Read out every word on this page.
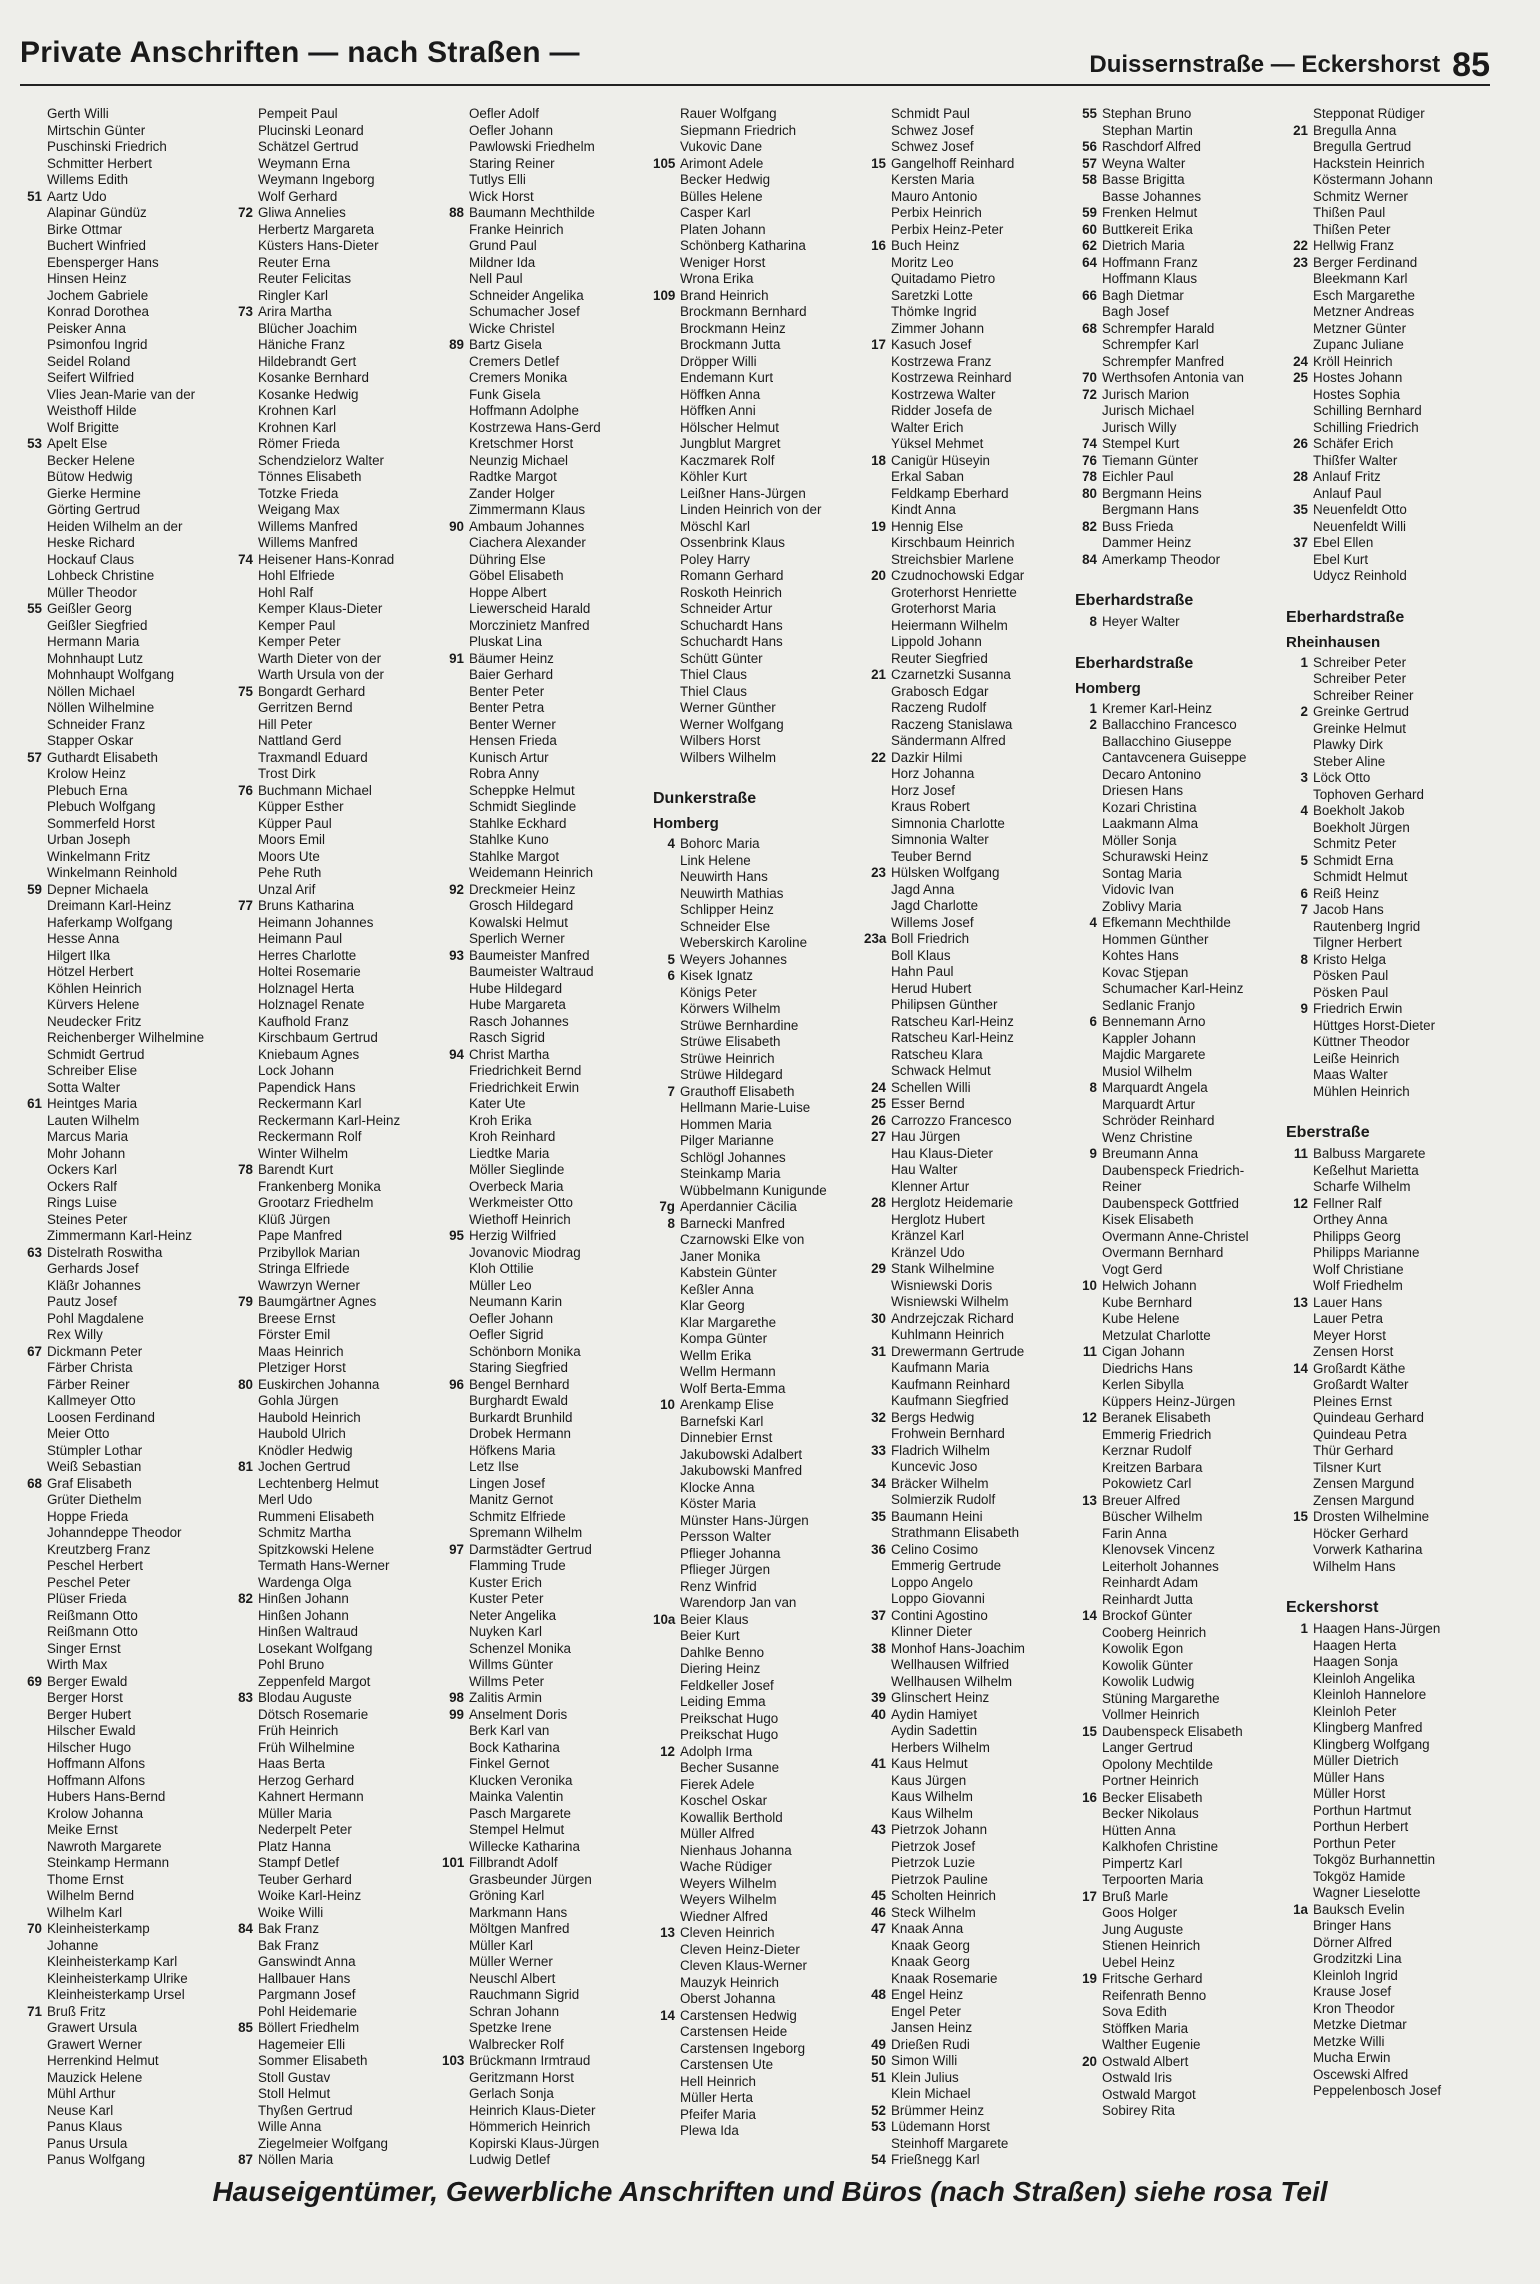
Private Anschriften — nach Straßen —	Duissernstraße — Eckershorst 85
Gerth Willi
Mirtschin Günter
Puschinski Friedrich
Schmitter Herbert
Willems Edith
51 Aartz Udo
Alapinar Gündüz
Birke Ottmar
Buchert Winfried
Ebensperger Hans
Hinsen Heinz
Jochem Gabriele
Konrad Dorothea
Peisker Anna
Psimonfou Ingrid
Seidel Roland
Seifert Wilfried
Vlies Jean-Marie van der
Weisthoff Hilde
Wolf Brigitte
53 Apelt Else
Becker Helene
Bütow Hedwig
Gierke Hermine
Görting Gertrud
Heiden Wilhelm an der
Heske Richard
Hockauf Claus
Lohbeck Christine
Müller Theodor
55 Geißler Georg
Geißler Siegfried
Hermann Maria
Mohnhaupt Lutz
Mohnhaupt Wolfgang
Nöllen Michael
Nöllen Wilhelmine
Schneider Franz
Stapper Oskar
57 Guthardt Elisabeth
Krolow Heinz
Plebuch Erna
Plebuch Wolfgang
Sommerfeld Horst
Urban Joseph
Winkelmann Fritz
Winkelmann Reinhold
59 Depner Michaela
Dreimann Karl-Heinz
Haferkamp Wolfgang
Hesse Anna
Hilgert Ilka
Hötzel Herbert
Köhlen Heinrich
Kürvers Helene
Neudecker Fritz
Reichenberger Wilhelmine
Schmidt Gertrud
Schreiber Elise
Sotta Walter
61 Heintges Maria
Lauten Wilhelm
Marcus Maria
Mohr Johann
Ockers Karl
Ockers Ralf
Rings Luise
Steines Peter
Zimmermann Karl-Heinz
63 Distelrath Roswitha
Gerhards Josef
Kläßr Johannes
Pautz Josef
Pohl Magdalene
Rex Willy
67 Dickmann Peter
Färber Christa
Färber Reiner
Kallmeyer Otto
Loosen Ferdinand
Meier Otto
Stümpler Lothar
Weiß Sebastian
68 Graf Elisabeth
Grüter Diethelm
Hoppe Frieda
Johanndeppe Theodor
Kreutzberg Franz
Peschel Herbert
Peschel Peter
Plüser Frieda
Reißmann Otto
Reißmann Otto
Singer Ernst
Wirth Max
69 Berger Ewald
Berger Horst
Berger Hubert
Hilscher Ewald
Hilscher Hugo
Hoffmann Alfons
Hoffmann Alfons
Hubers Hans-Bernd
Krolow Johanna
Meike Ernst
Nawroth Margarete
Steinkamp Hermann
Thome Ernst
Wilhelm Bernd
Wilhelm Karl
70 Kleinheisterkamp
Johanne
Kleinheisterkamp Karl
Kleinheisterkamp Ulrike
Kleinheisterkamp Ursel
71 Bruß Fritz
Grawert Ursula
Grawert Werner
Herrenkind Helmut
Mauzick Helene
Mühl Arthur
Neuse Karl
Panus Klaus
Panus Ursula
Panus Wolfgang
Pempeit Paul
Plucinski Leonard
Schätzel Gertrud
Weymann Erna
Weymann Ingeborg
Wolf Gerhard
72 Gliwa Annelies
Herbertz Margareta
Küsters Hans-Dieter
Reuter Erna
Reuter Felicitas
Ringler Karl
73 Arira Martha
Blücher Joachim
Häniche Franz
Hildebrandt Gert
Kosanke Bernhard
Kosanke Hedwig
Krohnen Karl
Krohnen Karl
Römer Frieda
Schendzielorz Walter
Tönnes Elisabeth
Totzke Frieda
Weigang Max
Willems Manfred
Willems Manfred
74 Heisener Hans-Konrad
Hohl Elfriede
Hohl Ralf
Kemper Klaus-Dieter
Kemper Paul
Kemper Peter
Warth Dieter von der
Warth Ursula von der
75 Bongardt Gerhard
Gerritzen Bernd
Hill Peter
Nattland Gerd
Traxmandl Eduard
Trost Dirk
76 Buchmann Michael
Küpper Esther
Küpper Paul
Moors Emil
Moors Ute
Pehe Ruth
Unzal Arif
77 Bruns Katharina
Heimann Johannes
Heimann Paul
Herres Charlotte
Holtei Rosemarie
Holznagel Herta
Holznagel Renate
Kaufhold Franz
Kirschbaum Gertrud
Kniebaum Agnes
Lock Johann
Papendick Hans
Reckermann Karl
Reckermann Karl-Heinz
Reckermann Rolf
Winter Wilhelm
78 Barendt Kurt
Frankenberg Monika
Grootarz Friedhelm
Klüß Jürgen
Pape Manfred
Przibyllok Marian
Stringa Elfriede
Wawrzyn Werner
79 Baumgärtner Agnes
Breese Ernst
Förster Emil
Maas Heinrich
Pletziger Horst
80 Euskirchen Johanna
Gohla Jürgen
Haubold Heinrich
Haubold Ulrich
Knödler Hedwig
81 Jochen Gertrud
Lechtenberg Helmut
Merl Udo
Rummeni Elisabeth
Schmitz Martha
Spitzkowski Helene
Termath Hans-Werner
Wardenga Olga
82 Hinßen Johann
Hinßen Johann
Hinßen Waltraud
Losekant Wolfgang
Pohl Bruno
Zeppenfeld Margot
83 Blodau Auguste
Dötsch Rosemarie
Früh Heinrich
Früh Wilhelmine
Haas Berta
Herzog Gerhard
Kahnert Hermann
Müller Maria
Nederpelt Peter
Platz Hanna
Stampf Detlef
Teuber Gerhard
Woike Karl-Heinz
Woike Willi
84 Bak Franz
Bak Franz
Ganswindt Anna
Hallbauer Hans
Pargmann Josef
Pohl Heidemarie
85 Böllert Friedhelm
Hagemeier Elli
Sommer Elisabeth
Stoll Gustav
Stoll Helmut
Thyßen Gertrud
Wille Anna
Ziegelmeier Wolfgang
87 Nöllen Maria
Oefler Adolf
Oefler Johann
Pawlowski Friedhelm
Staring Reiner
Tutlys Elli
Wick Horst
88 Baumann Mechthilde
Franke Heinrich
Grund Paul
Mildner Ida
Nell Paul
Schneider Angelika
Schumacher Josef
Wicke Christel
89 Bartz Gisela
Cremers Detlef
Cremers Monika
Funk Gisela
Hoffmann Adolphe
Kostrzewa Hans-Gerd
Kretschmer Horst
Neunzig Michael
Radtke Margot
Zander Holger
Zimmermann Klaus
90 Ambaum Johannes
Ciachera Alexander
Dühring Else
Göbel Elisabeth
Hoppe Albert
Liewerscheid Harald
Morczinietz Manfred
Pluskat Lina
91 Bäumer Heinz
Baier Gerhard
Benter Peter
Benter Petra
Benter Werner
Hensen Frieda
Kunisch Artur
Robra Anny
Scheppke Helmut
Schmidt Sieglinde
Stahlke Eckhard
Stahlke Kuno
Stahlke Margot
Weidemann Heinrich
92 Dreckmeier Heinz
Grosch Hildegard
Kowalski Helmut
Sperlich Werner
93 Baumeister Manfred
Baumeister Waltraud
Hube Hildegard
Hube Margareta
Rasch Johannes
Rasch Sigrid
94 Christ Martha
Friedrichkeit Bernd
Friedrichkeit Erwin
Kater Ute
Kroh Erika
Kroh Reinhard
Liedtke Maria
Möller Sieglinde
Overbeck Maria
Werkmeister Otto
Wiethoff Heinrich
95 Herzig Wilfried
Jovanovic Miodrag
Kloh Ottilie
Müller Leo
Neumann Karin
Oefler Johann
Oefler Sigrid
Schönborn Monika
Staring Siegfried
96 Bengel Bernhard
Burghardt Ewald
Burkardt Brunhild
Drobek Hermann
Höfkens Maria
Letz Ilse
Lingen Josef
Manitz Gernot
Schmitz Elfriede
Spremann Wilhelm
97 Darmstädter Gertrud
Flamming Trude
Kuster Erich
Kuster Peter
Neter Angelika
Nuyken Karl
Schenzel Monika
Willms Günter
Willms Peter
98 Zalitis Armin
99 Anselment Doris
Berk Karl van
Bock Katharina
Finkel Gernot
Klucken Veronika
Mainka Valentin
Pasch Margarete
Stempel Helmut
Willecke Katharina
101 Fillbrandt Adolf
Grasbeunder Jürgen
Gröning Karl
Markmann Hans
Möltgen Manfred
Müller Karl
Müller Werner
Neuschl Albert
Rauchmann Sigrid
Schran Johann
Spetzke Irene
Walbrecker Rolf
103 Brückmann Irmtraud
Geritzmann Horst
Gerlach Sonja
Heinrich Klaus-Dieter
Hömmerich Heinrich
Kopirski Klaus-Jürgen
Ludwig Detlef
Rauer Wolfgang
Siepmann Friedrich
Vukovic Dane
105 Arimont Adele
Becker Hedwig
Bülles Helene
Casper Karl
Platen Johann
Schönberg Katharina
Weniger Horst
Wrona Erika
109 Brand Heinrich
Brockmann Bernhard
Brockmann Heinz
Brockmann Jutta
Dröpper Willi
Endemann Kurt
Höffken Anna
Höffken Anni
Hölscher Helmut
Jungblut Margret
Kaczmarek Rolf
Köhler Kurt
Leißner Hans-Jürgen
Linden Heinrich von der
Möschl Karl
Ossenbrink Klaus
Poley Harry
Romann Gerhard
Roskoth Heinrich
Schneider Artur
Schuchardt Hans
Schuchardt Hans
Schütt Günter
Thiel Claus
Thiel Claus
Werner Günther
Werner Wolfgang
Wilbers Horst
Wilbers Wilhelm
Dunkerstraße
Homberg
4 Bohorc Maria
Link Helene
Neuwirth Hans
Neuwirth Mathias
Schlipper Heinz
Schneider Else
Weberskirch Karoline
5 Weyers Johannes
6 Kisek Ignatz
Königs Peter
Körwers Wilhelm
Strüwe Bernhardine
Strüwe Elisabeth
Strüwe Heinrich
Strüwe Hildegard
7 Grauthoff Elisabeth
Hellmann Marie-Luise
Hommen Maria
Pilger Marianne
Schlögl Johannes
Steinkamp Maria
Wübbelmann Kunigunde
7g Aperdannier Cäcilia
8 Barnecki Manfred
Czarnowski Elke von
Janer Monika
Kabstein Günter
Keßler Anna
Klar Georg
Klar Margarethe
Kompa Günter
Wellm Erika
Wellm Hermann
Wolf Berta-Emma
10 Arenkamp Elise
Barnefski Karl
Dinnebier Ernst
Jakubowski Adalbert
Jakubowski Manfred
Klocke Anna
Köster Maria
Münster Hans-Jürgen
Persson Walter
Pflieger Johanna
Pflieger Jürgen
Renz Winfrid
Warendorp Jan van
10a Beier Klaus
Beier Kurt
Dahlke Benno
Diering Heinz
Feldkeller Josef
Leiding Emma
Preikschat Hugo
Preikschat Hugo
12 Adolph Irma
Becher Susanne
Fierek Adele
Koschel Oskar
Kowallik Berthold
Müller Alfred
Nienhaus Johanna
Wache Rüdiger
Weyers Wilhelm
Weyers Wilhelm
Wiedner Alfred
13 Cleven Heinrich
Cleven Heinz-Dieter
Cleven Klaus-Werner
Mauzyk Heinrich
Oberst Johanna
14 Carstensen Hedwig
Carstensen Heide
Carstensen Ingeborg
Carstensen Ute
Hell Heinrich
Müller Herta
Pfeifer Maria
Plewa Ida
Schmidt Paul
Schwez Josef
Schwez Josef
15 Gangelhoff Reinhard
Kersten Maria
Mauro Antonio
Perbix Heinrich
Perbix Heinz-Peter
16 Buch Heinz
Moritz Leo
Quitadamo Pietro
Saretzki Lotte
Thömke Ingrid
Zimmer Johann
17 Kasuch Josef
Kostrzewa Franz
Kostrzewa Reinhard
Kostrzewa Walter
Ridder Josefa de
Walter Erich
Yüksel Mehmet
18 Canigür Hüseyin
Erkal Saban
Feldkamp Eberhard
Kindt Anna
19 Hennig Else
Kirschbaum Heinrich
Streichsbier Marlene
20 Czudnochowski Edgar
Groterhorst Henriette
Groterhorst Maria
Heiermann Wilhelm
Lippold Johann
Reuter Siegfried
21 Czarnetzki Susanna
Grabosch Edgar
Raczeng Rudolf
Raczeng Stanislawa
Sändermann Alfred
22 Dazkir Hilmi
Horz Johanna
Horz Josef
Kraus Robert
Simnonia Charlotte
Simnonia Walter
Teuber Bernd
23 Hülsken Wolfgang
Jagd Anna
Jagd Charlotte
Willems Josef
23a Boll Friedrich
Boll Klaus
Hahn Paul
Herud Hubert
Philipsen Günther
Ratscheu Karl-Heinz
Ratscheu Karl-Heinz
Ratscheu Klara
Schwack Helmut
24 Schellen Willi
25 Esser Bernd
26 Carrozzo Francesco
27 Hau Jürgen
Hau Klaus-Dieter
Hau Walter
Klenner Artur
28 Herglotz Heidemarie
Herglotz Hubert
Kränzel Karl
Kränzel Udo
29 Stank Wilhelmine
Wisniewski Doris
Wisniewski Wilhelm
30 Andrzejczak Richard
Kuhlmann Heinrich
31 Drewermann Gertrude
Kaufmann Maria
Kaufmann Reinhard
Kaufmann Siegfried
32 Bergs Hedwig
Frohwein Bernhard
33 Fladrich Wilhelm
Kuncevic Joso
34 Bräcker Wilhelm
Solmierzik Rudolf
35 Baumann Heini
Strathmann Elisabeth
36 Celino Cosimo
Emmerig Gertrude
Loppo Angelo
Loppo Giovanni
37 Contini Agostino
Klinner Dieter
38 Monhof Hans-Joachim
Wellhausen Wilfried
Wellhausen Wilhelm
39 Glinschert Heinz
40 Aydin Hamiyet
Aydin Sadettin
Herbers Wilhelm
41 Kaus Helmut
Kaus Jürgen
Kaus Wilhelm
Kaus Wilhelm
43 Pietrzok Johann
Pietrzok Josef
Pietrzok Luzie
Pietrzok Pauline
45 Scholten Heinrich
46 Steck Wilhelm
47 Knaak Anna
Knaak Georg
Knaak Georg
Knaak Rosemarie
48 Engel Heinz
Engel Peter
Jansen Heinz
49 Drießen Rudi
50 Simon Willi
51 Klein Julius
Klein Michael
52 Brümmer Heinz
53 Lüdemann Horst
Steinhoff Margarete
54 Frießnegg Karl
55 Stephan Bruno
Stephan Martin
56 Raschdorf Alfred
57 Weyna Walter
58 Basse Brigitta
Basse Johannes
59 Frenken Helmut
60 Buttkereit Erika
62 Dietrich Maria
64 Hoffmann Franz
Hoffmann Klaus
66 Bagh Dietmar
Bagh Josef
68 Schrempfer Harald
Schrempfer Karl
Schrempfer Manfred
70 Werthsofen Antonia van
72 Jurisch Marion
Jurisch Michael
Jurisch Willy
74 Stempel Kurt
76 Tiemann Günter
78 Eichler Paul
80 Bergmann Heins
Bergmann Hans
82 Buss Frieda
Dammer Heinz
84 Amerkamp Theodor
Eberhardstraße
8 Heyer Walter
Eberhardstraße
Homberg
1 Kremer Karl-Heinz
2 Ballacchino Francesco
Ballacchino Giuseppe
Cantavcenera Guiseppe
Decaro Antonino
Driesen Hans
Kozari Christina
Laakmann Alma
Möller Sonja
Schurawski Heinz
Sontag Maria
Vidovic Ivan
Zoblivy Maria
4 Efkemann Mechthilde
Hommen Günther
Kohtes Hans
Kovac Stjepan
Schumacher Karl-Heinz
Sedlanic Franjo
6 Bennemann Arno
Kappler Johann
Majdic Margarete
Musiol Wilhelm
8 Marquardt Angela
Marquardt Artur
Schröder Reinhard
Wenz Christine
9 Breumann Anna
Daubenspeck Friedrich-
Reiner
Daubenspeck Gottfried
Kisek Elisabeth
Overmann Anne-Christel
Overmann Bernhard
Vogt Gerd
10 Helwich Johann
Kube Bernhard
Kube Helene
Metzulat Charlotte
11 Cigan Johann
Diedrichs Hans
Kerlen Sibylla
Küppers Heinz-Jürgen
12 Beranek Elisabeth
Emmerig Friedrich
Kerznar Rudolf
Kreitzen Barbara
Pokowietz Carl
13 Breuer Alfred
Büscher Wilhelm
Farin Anna
Klenovsek Vincenz
Leiterholt Johannes
Reinhardt Adam
Reinhardt Jutta
14 Brockof Günter
Cooberg Heinrich
Kowolik Egon
Kowolik Günter
Kowolik Ludwig
Stüning Margarethe
Vollmer Heinrich
15 Daubenspeck Elisabeth
Langer Gertrud
Opolony Mechtilde
Portner Heinrich
16 Becker Elisabeth
Becker Nikolaus
Hütten Anna
Kalkhofen Christine
Pimpertz Karl
Terpoorten Maria
17 Bruß Marle
Goos Holger
Jung Auguste
Stienen Heinrich
Uebel Heinz
19 Fritsche Gerhard
Reifenrath Benno
Sova Edith
Stöffken Maria
Walther Eugenie
20 Ostwald Albert
Ostwald Iris
Ostwald Margot
Sobirey Rita
Stepponat Rüdiger
21 Bregulla Anna
Bregulla Gertrud
Hackstein Heinrich
Köstermann Johann
Schmitz Werner
Thißen Paul
Thißen Peter
22 Hellwig Franz
23 Berger Ferdinand
Bleekmann Karl
Esch Margarethe
Metzner Andreas
Metzner Günter
Zupanc Juliane
24 Kröll Heinrich
25 Hostes Johann
Hostes Sophia
Schilling Bernhard
Schilling Friedrich
26 Schäfer Erich
Thißfer Walter
28 Anlauf Fritz
Anlauf Paul
35 Neuenfeldt Otto
Neuenfeldt Willi
37 Ebel Ellen
Ebel Kurt
Udycz Reinhold
Eberhardstraße
Rheinhausen
1 Schreiber Peter
Schreiber Peter
Schreiber Reiner
2 Greinke Gertrud
Greinke Helmut
Plawky Dirk
Steber Aline
3 Löck Otto
Tophoven Gerhard
4 Boekholt Jakob
Boekholt Jürgen
Schmitz Peter
5 Schmidt Erna
Schmidt Helmut
6 Reiß Heinz
7 Jacob Hans
Rautenberg Ingrid
Tilgner Herbert
8 Kristo Helga
Pösken Paul
Pösken Paul
9 Friedrich Erwin
Hüttges Horst-Dieter
Küttner Theodor
Leiße Heinrich
Maas Walter
Mühlen Heinrich
Eberstraße
11 Balbuss Margarete
Keßelhut Marietta
Scharfe Wilhelm
12 Fellner Ralf
Orthey Anna
Philipps Georg
Philipps Marianne
Wolf Christiane
Wolf Friedhelm
13 Lauer Hans
Lauer Petra
Meyer Horst
Zensen Horst
14 Großardt Käthe
Großardt Walter
Pleines Ernst
Quindeau Gerhard
Quindeau Petra
Thür Gerhard
Tilsner Kurt
Zensen Margund
Zensen Margund
15 Drosten Wilhelmine
Höcker Gerhard
Vorwerk Katharina
Wilhelm Hans
Eckershorst
1 Haagen Hans-Jürgen
Haagen Herta
Haagen Sonja
Kleinloh Angelika
Kleinloh Hannelore
Kleinloh Peter
Klingberg Manfred
Klingberg Wolfgang
Müller Dietrich
Müller Hans
Müller Horst
Porthun Hartmut
Porthun Herbert
Porthun Peter
Tokgöz Burhannettin
Tokgöz Hamide
Wagner Lieselotte
1a Bauksch Evelin
Bringer Hans
Dörner Alfred
Grodzitzki Lina
Kleinloh Ingrid
Krause Josef
Kron Theodor
Metzke Dietmar
Metzke Willi
Mucha Erwin
Oscewski Alfred
Peppelenbosch Josef
Hauseigentümer, Gewerbliche Anschriften und Büros (nach Straßen) siehe rosa Teil
